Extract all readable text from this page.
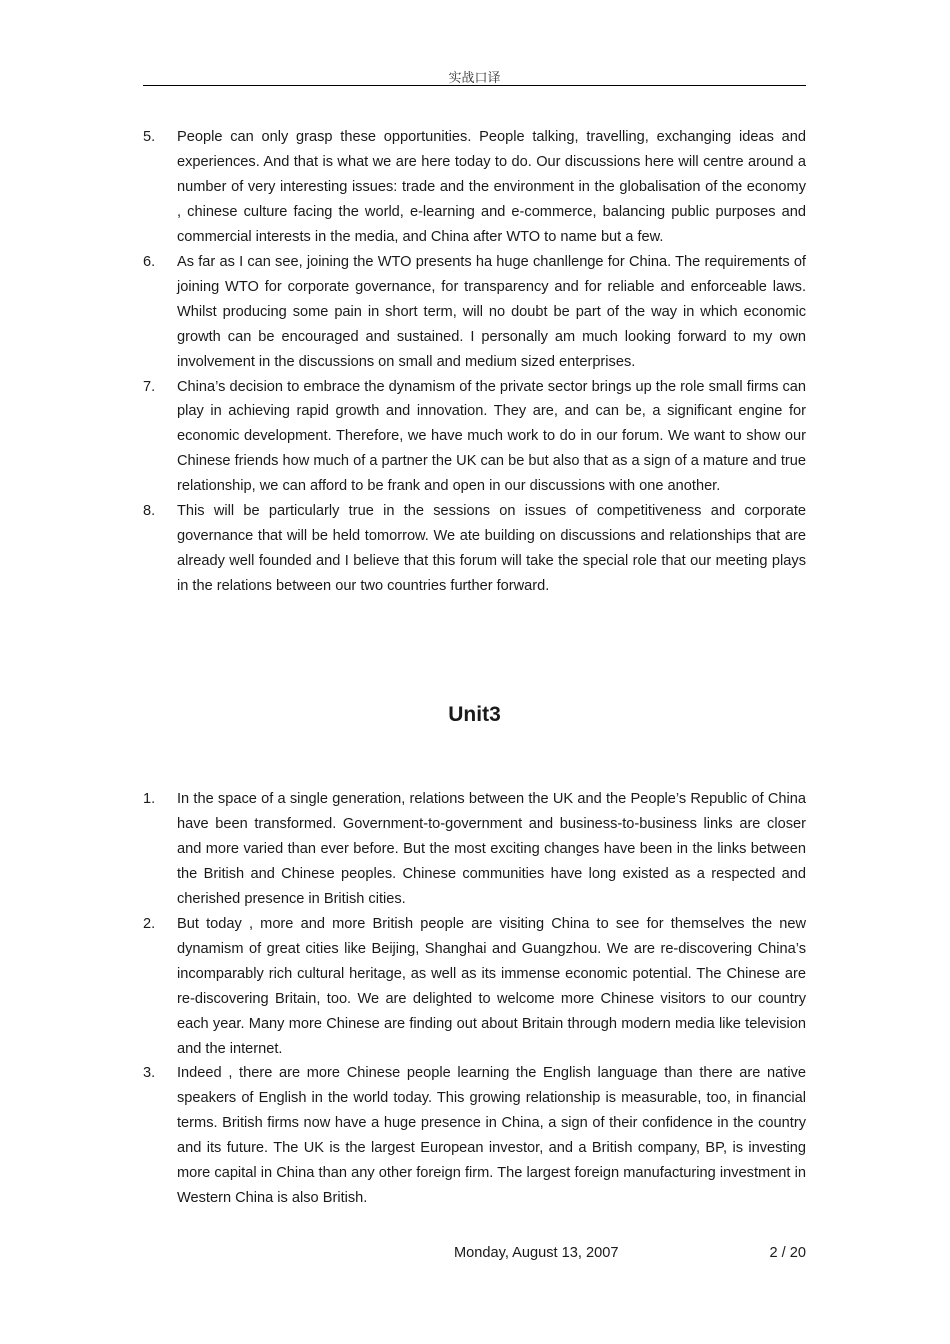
实战口译
5. People can only grasp these opportunities. People talking, travelling, exchanging ideas and experiences. And that is what we are here today to do. Our discussions here will centre around a number of very interesting issues: trade and the environment in the globalisation of the economy , chinese culture facing the world, e-learning and e-commerce, balancing public purposes and commercial interests in the media, and China after WTO to name but a few.
6. As far as I can see, joining the WTO presents ha huge chanllenge for China. The requirements of joining WTO for corporate governance, for transparency and for reliable and enforceable laws. Whilst producing some pain in short term, will no doubt be part of the way in which economic growth can be encouraged and sustained. I personally am much looking forward to my own involvement in the discussions on small and medium sized enterprises.
7. China’s decision to embrace the dynamism of the private sector brings up the role small firms can play in achieving rapid growth and innovation. They are, and can be, a significant engine for economic development. Therefore, we have much work to do in our forum. We want to show our Chinese friends how much of a partner the UK can be but also that as a sign of a mature and true relationship, we can afford to be frank and open in our discussions with one another.
8. This will be particularly true in the sessions on issues of competitiveness and corporate governance that will be held tomorrow. We ate building on discussions and relationships that are already well founded and I believe that this forum will take the special role that our meeting plays in the relations between our two countries further forward.
Unit3
1. In the space of a single generation, relations between the UK and the People’s Republic of China have been transformed. Government-to-government and business-to-business links are closer and more varied than ever before. But the most exciting changes have been in the links between the British and Chinese peoples. Chinese communities have long existed as a respected and cherished presence in British cities.
2. But today , more and more British people are visiting China to see for themselves the new dynamism of great cities like Beijing, Shanghai and Guangzhou. We are re-discovering China’s incomparably rich cultural heritage, as well as its immense economic potential. The Chinese are re-discovering Britain, too. We are delighted to welcome more Chinese visitors to our country each year. Many more Chinese are finding out about Britain through modern media like television and the internet.
3. Indeed , there are more Chinese people learning the English language than there are native speakers of English in the world today. This growing relationship is measurable, too, in financial terms. British firms now have a huge presence in China, a sign of their confidence in the country and its future. The UK is the largest European investor, and a British company, BP, is investing more capital in China than any other foreign firm. The largest foreign manufacturing investment in Western China is also British.
Monday, August 13, 2007	2 / 20
